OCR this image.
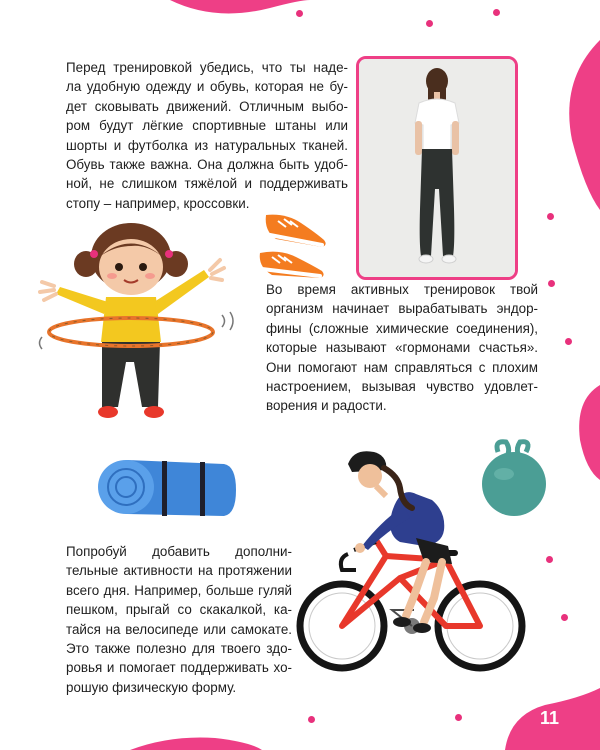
Перед тренировкой убедись, что ты наде-
ла удобную одежду и обувь, которая не бу-
дет сковывать движений. Отличным выбо-
ром будут лёгкие спортивные штаны или
шорты и футболка из натуральных тканей.
Обувь также важна. Она должна быть удоб-
ной, не слишком тяжёлой и поддерживать
стопу – например, кроссовки.

Во время активных тренировок твой
организм начинает вырабатывать эндор-
фины (сложные химические соединения),
которые называют «гормонами счастья».
Они помогают нам справляться с плохим
настроением, вызывая чувство удовлет-
ворения и радости.

Попробуй добавить дополни-
тельные активности на протяжении
всего дня. Например, больше гуляй
пешком, прыгай со скакалкой, ка-
тайся на велосипеде или самокате.
Это также полезно для твоего здо-
ровья и помогает поддерживать хо-
рошую физическую форму.

11
